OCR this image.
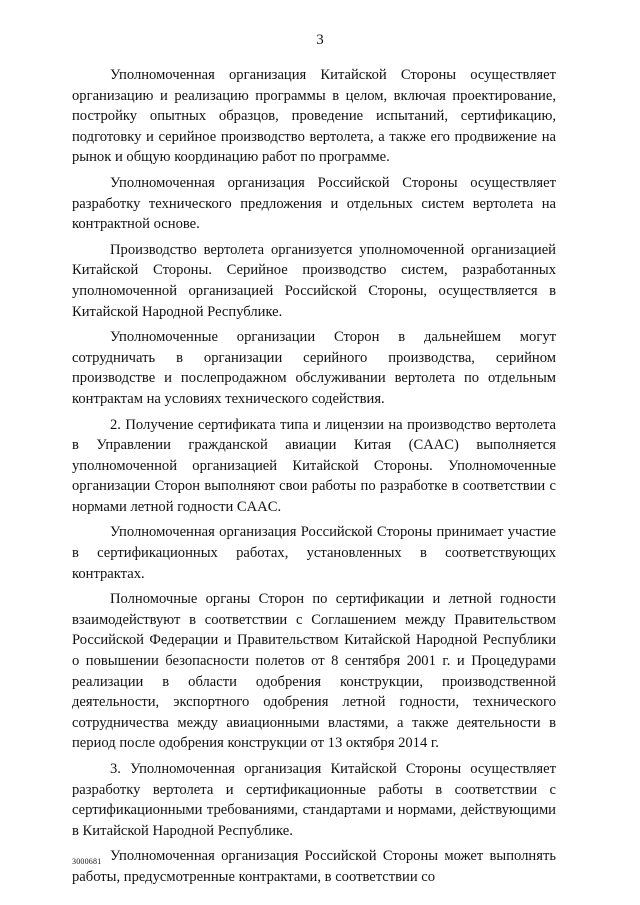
3

Уполномоченная организация Китайской Стороны осуществляет организацию и реализацию программы в целом, включая проектирование, постройку опытных образцов, проведение испытаний, сертификацию, подготовку и серийное производство вертолета, а также его продвижение на рынок и общую координацию работ по программе.

Уполномоченная организация Российской Стороны осуществляет разработку технического предложения и отдельных систем вертолета на контрактной основе.

Производство вертолета организуется уполномоченной организацией Китайской Стороны. Серийное производство систем, разработанных уполномоченной организацией Российской Стороны, осуществляется в Китайской Народной Республике.

Уполномоченные организации Сторон в дальнейшем могут сотрудничать в организации серийного производства, серийном производстве и послепродажном обслуживании вертолета по отдельным контрактам на условиях технического содействия.

2. Получение сертификата типа и лицензии на производство вертолета в Управлении гражданской авиации Китая (CAAC) выполняется уполномоченной организацией Китайской Стороны. Уполномоченные организации Сторон выполняют свои работы по разработке в соответствии с нормами летной годности CAAC.

Уполномоченная организация Российской Стороны принимает участие в сертификационных работах, установленных в соответствующих контрактах.

Полномочные органы Сторон по сертификации и летной годности взаимодействуют в соответствии с Соглашением между Правительством Российской Федерации и Правительством Китайской Народной Республики о повышении безопасности полетов от 8 сентября 2001 г. и Процедурами реализации в области одобрения конструкции, производственной деятельности, экспортного одобрения летной годности, технического сотрудничества между авиационными властями, а также деятельности в период после одобрения конструкции от 13 октября 2014 г.

3. Уполномоченная организация Китайской Стороны осуществляет разработку вертолета и сертификационные работы в соответствии с сертификационными требованиями, стандартами и нормами, действующими в Китайской Народной Республике.

Уполномоченная организация Российской Стороны может выполнять работы, предусмотренные контрактами, в соответствии со

3000681
